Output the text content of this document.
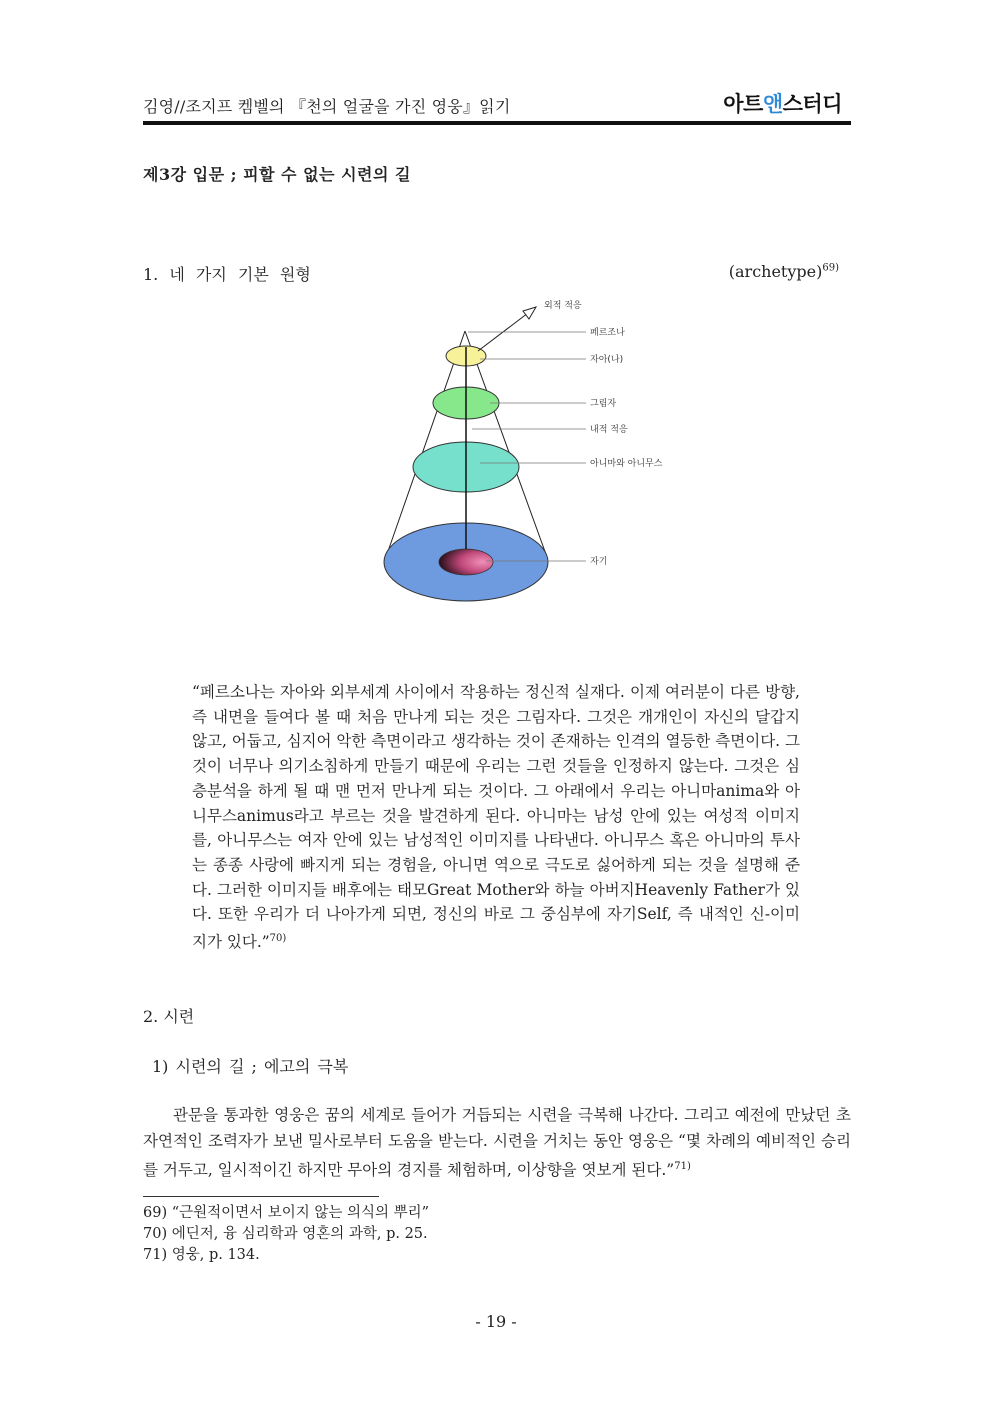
김영//조지프 켐벨의 『천의 얼굴을 가진 영웅』읽기	아트앤스터디
제3강 입문 ; 피할 수 없는 시련의 길
1. 네 가지 기본 원형	(archetype)$^{69)}$
외적 적응
페르조나
자아(나)
그림자
내적 적응
아니마와 아니무스
자기
“페르소나는 자아와 외부세계 사이에서 작용하는 정신적 실재다. 이제 여러분이 다른 방향, 즉 내면을 들여다 볼 때 처음 만나게 되는 것은 그림자다. 그것은 개개인이 자신의 달갑지 않고, 어둡고, 심지어 악한 측면이라고 생각하는 것이 존재하는 인격의 열등한 측면이다. 그것이 너무나 의기소침하게 만들기 때문에 우리는 그런 것들을 인정하지 않는다. 그것은 심층분석을 하게 될 때 맨 먼저 만나게 되는 것이다. 그 아래에서 우리는 아니마anima와 아니무스animus라고 부르는 것을 발견하게 된다. 아니마는 남성 안에 있는 여성적 이미지를, 아니무스는 여자 안에 있는 남성적인 이미지를 나타낸다. 아니무스 혹은 아니마의 투사는 종종 사랑에 빠지게 되는 경험을, 아니면 역으로 극도로 싫어하게 되는 것을 설명해 준다. 그러한 이미지들 배후에는 태모Great Mother와 하늘 아버지Heavenly Father가 있다. 또한 우리가 더 나아가게 되면, 정신의 바로 그 중심부에 자기Self, 즉 내적인 신-이미지가 있다.”$^{70)}$
2. 시련
1) 시련의 길 ; 에고의 극복
관문을 통과한 영웅은 꿈의 세계로 들어가 거듭되는 시련을 극복해 나간다. 그리고 예전에 만났던 초자연적인 조력자가 보낸 밀사로부터 도움을 받는다. 시련을 거치는 동안 영웅은 “몇 차례의 예비적인 승리를 거두고, 일시적이긴 하지만 무아의 경지를 체험하며, 이상향을 엿보게 된다.”$^{71)}$
69) “근원적이면서 보이지 않는 의식의 뿌리”
70) 에딘저, 융 심리학과 영혼의 과학, p. 25.
71) 영웅, p. 134.
- 19 -
